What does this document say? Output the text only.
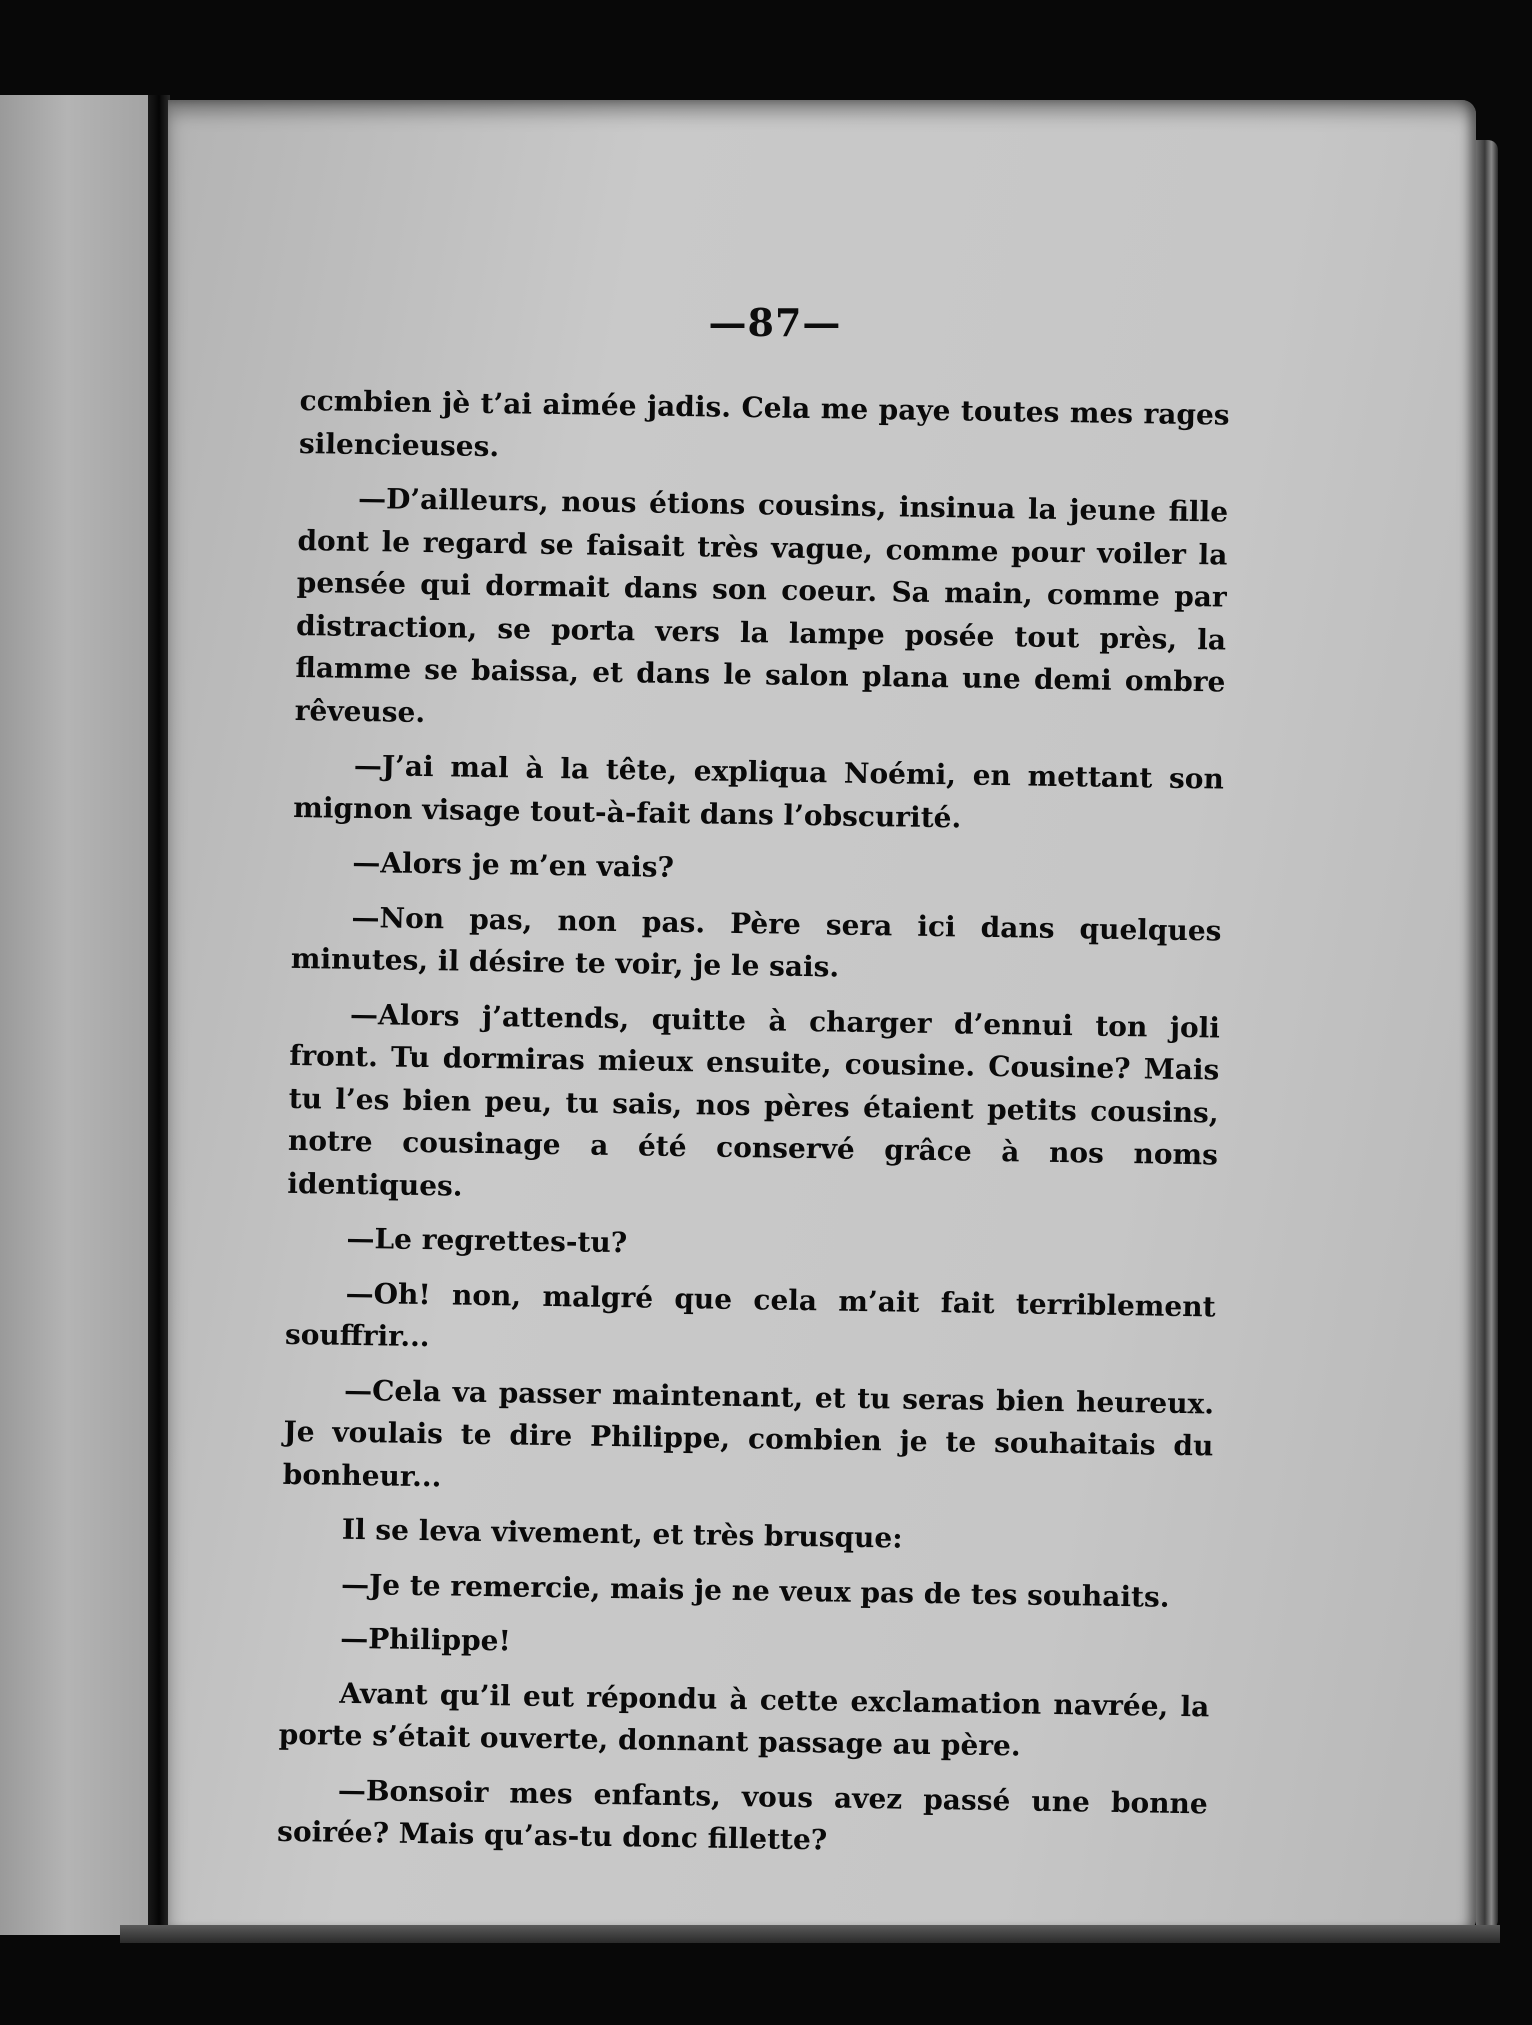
—87—

ccmbien jè t’ai aimée jadis. Cela me paye toutes mes rages silencieuses.

—D’ailleurs, nous étions cousins, insinua la jeune fille dont le regard se faisait très vague, comme pour voiler la pensée qui dormait dans son coeur. Sa main, comme par distraction, se porta vers la lampe posée tout près, la flamme se baissa, et dans le salon plana une demi ombre rêveuse.

—J’ai mal à la tête, expliqua Noémi, en mettant son mignon visage tout-à-fait dans l’obscurité.

—Alors je m’en vais?

—Non pas, non pas. Père sera ici dans quelques minutes, il désire te voir, je le sais.

—Alors j’attends, quitte à charger d’ennui ton joli front. Tu dormiras mieux ensuite, cousine. Cousine? Mais tu l’es bien peu, tu sais, nos pères étaient petits cousins, notre cousinage a été conservé grâce à nos noms identiques.

—Le regrettes-tu?

—Oh! non, malgré que cela m’ait fait terriblement souffrir...

—Cela va passer maintenant, et tu seras bien heureux. Je voulais te dire Philippe, combien je te souhaitais du bonheur...

Il se leva vivement, et très brusque:

—Je te remercie, mais je ne veux pas de tes souhaits.

—Philippe!

Avant qu’il eut répondu à cette exclamation navrée, la porte s’était ouverte, donnant passage au père.

—Bonsoir mes enfants, vous avez passé une bonne soirée? Mais qu’as-tu donc fillette?
